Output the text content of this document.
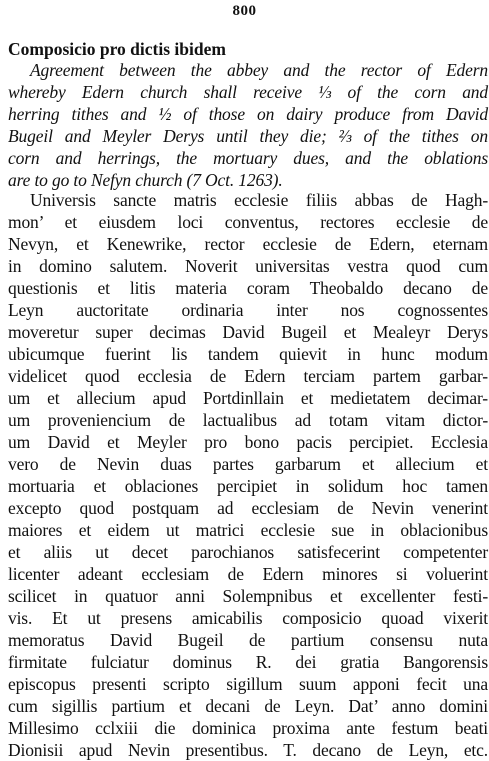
800
Composicio pro dictis ibidem
Agreement between the abbey and the rector of Edern
whereby Edern church shall receive ⅓ of the corn and
herring tithes and ½ of those on dairy produce from David
Bugeil and Meyler Derys until they die; ⅔ of the tithes on
corn and herrings, the mortuary dues, and the oblations
are to go to Nefyn church (7 Oct. 1263).
Universis sancte matris ecclesie filiis abbas de Hagh-
mon’ et eiusdem loci conventus, rectores ecclesie de
Nevyn, et Kenewrike, rector ecclesie de Edern, eternam
in domino salutem. Noverit universitas vestra quod cum
questionis et litis materia coram Theobaldo decano de
Leyn auctoritate ordinaria inter nos cognossentes
moveretur super decimas David Bugeil et Mealeyr Derys
ubicumque fuerint lis tandem quievit in hunc modum
videlicet quod ecclesia de Edern terciam partem garbar-
um et allecium apud Portdinllain et medietatem decimar-
um proveniencium de lactualibus ad totam vitam dictor-
um David et Meyler pro bono pacis percipiet. Ecclesia
vero de Nevin duas partes garbarum et allecium et
mortuaria et oblaciones percipiet in solidum hoc tamen
excepto quod postquam ad ecclesiam de Nevin venerint
maiores et eidem ut matrici ecclesie sue in oblacionibus
et aliis ut decet parochianos satisfecerint competenter
licenter adeant ecclesiam de Edern minores si voluerint
scilicet in quatuor anni Solempnibus et excellenter festi-
vis. Et ut presens amicabilis composicio quoad vixerit
memoratus David Bugeil de partium consensu nuta
firmitate fulciatur dominus R. dei gratia Bangorensis
episcopus presenti scripto sigillum suum apponi fecit una
cum sigillis partium et decani de Leyn. Dat’ anno domini
Millesimo cclxiii die dominica proxima ante festum beati
Dionisii apud Nevin presentibus. T. decano de Leyn, etc.
